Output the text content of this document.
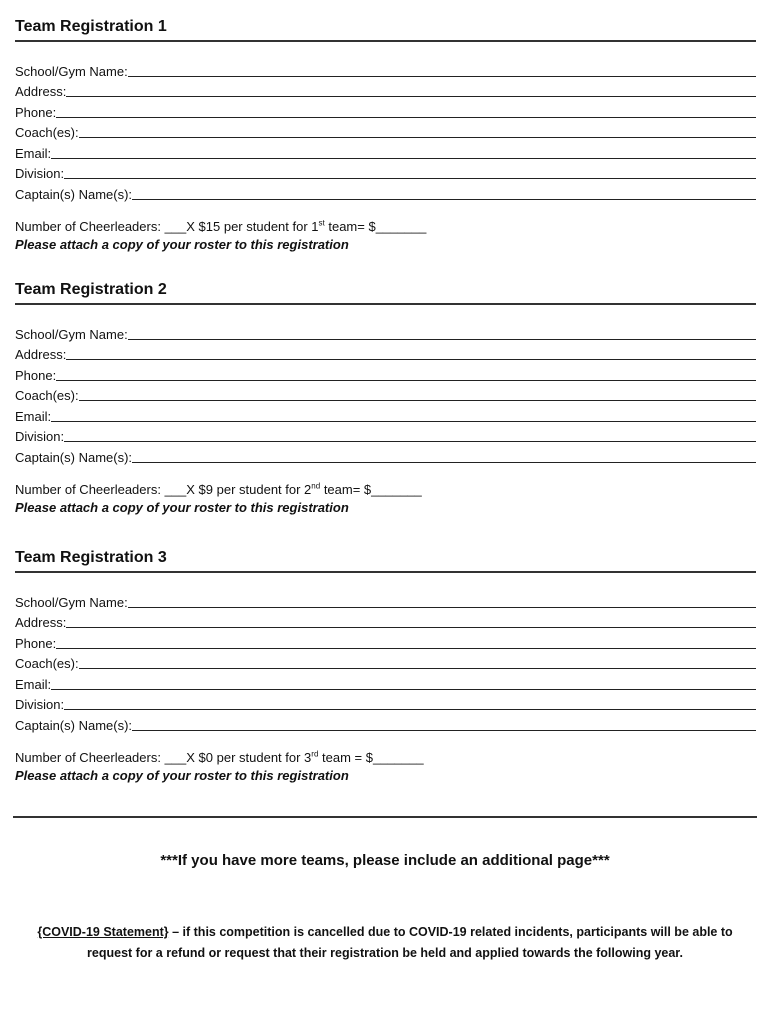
Team Registration 1
School/Gym Name:
Address:
Phone:
Coach(es):
Email:
Division:
Captain(s) Name(s):
Number of Cheerleaders: ___X $15 per student for 1st team= $_______
Please attach a copy of your roster to this registration
Team Registration 2
School/Gym Name:
Address:
Phone:
Coach(es):
Email:
Division:
Captain(s) Name(s):
Number of Cheerleaders: ___X $9 per student for 2nd team= $_______
Please attach a copy of your roster to this registration
Team Registration 3
School/Gym Name:
Address:
Phone:
Coach(es):
Email:
Division:
Captain(s) Name(s):
Number of Cheerleaders: ___X $0 per student for 3rd team = $_______
Please attach a copy of your roster to this registration
***If you have more teams, please include an additional page***
{COVID-19 Statement} – if this competition is cancelled due to COVID-19 related incidents, participants will be able to request for a refund or request that their registration be held and applied towards the following year.
